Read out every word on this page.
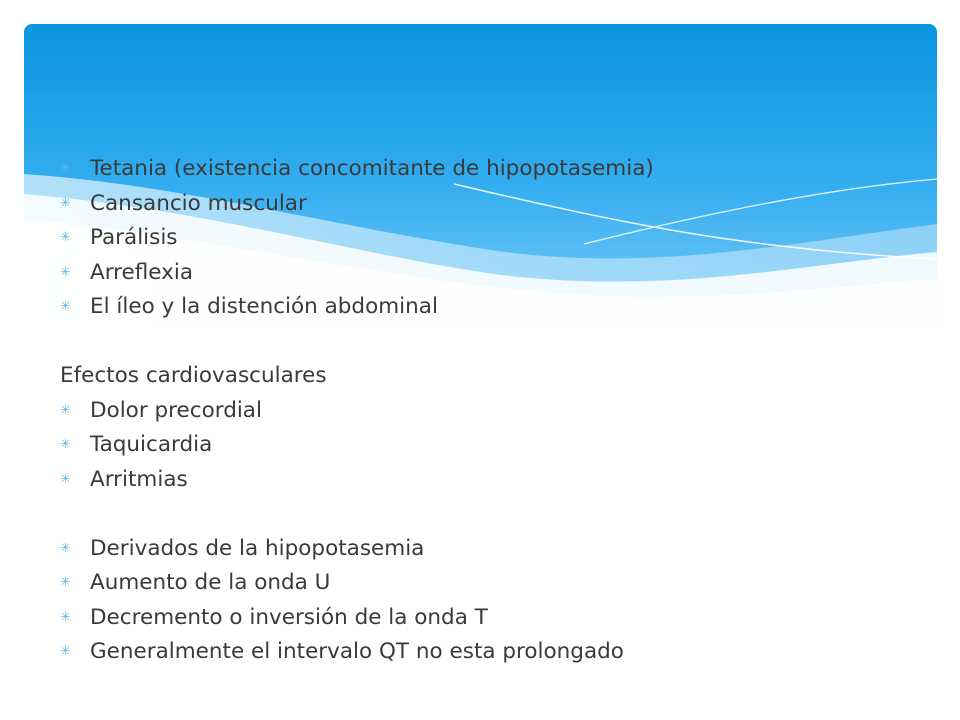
✳ Tetania (existencia concomitante de hipopotasemia)
✳ Cansancio muscular
✳ Parálisis
✳ Arreflexia
✳ El íleo y la distención abdominal
Efectos cardiovasculares
✳ Dolor precordial
✳ Taquicardia
✳ Arritmias
✳ Derivados de la hipopotasemia
✳ Aumento de la onda U
✳ Decremento o inversión de la onda T
✳ Generalmente el intervalo QT no esta prolongado
